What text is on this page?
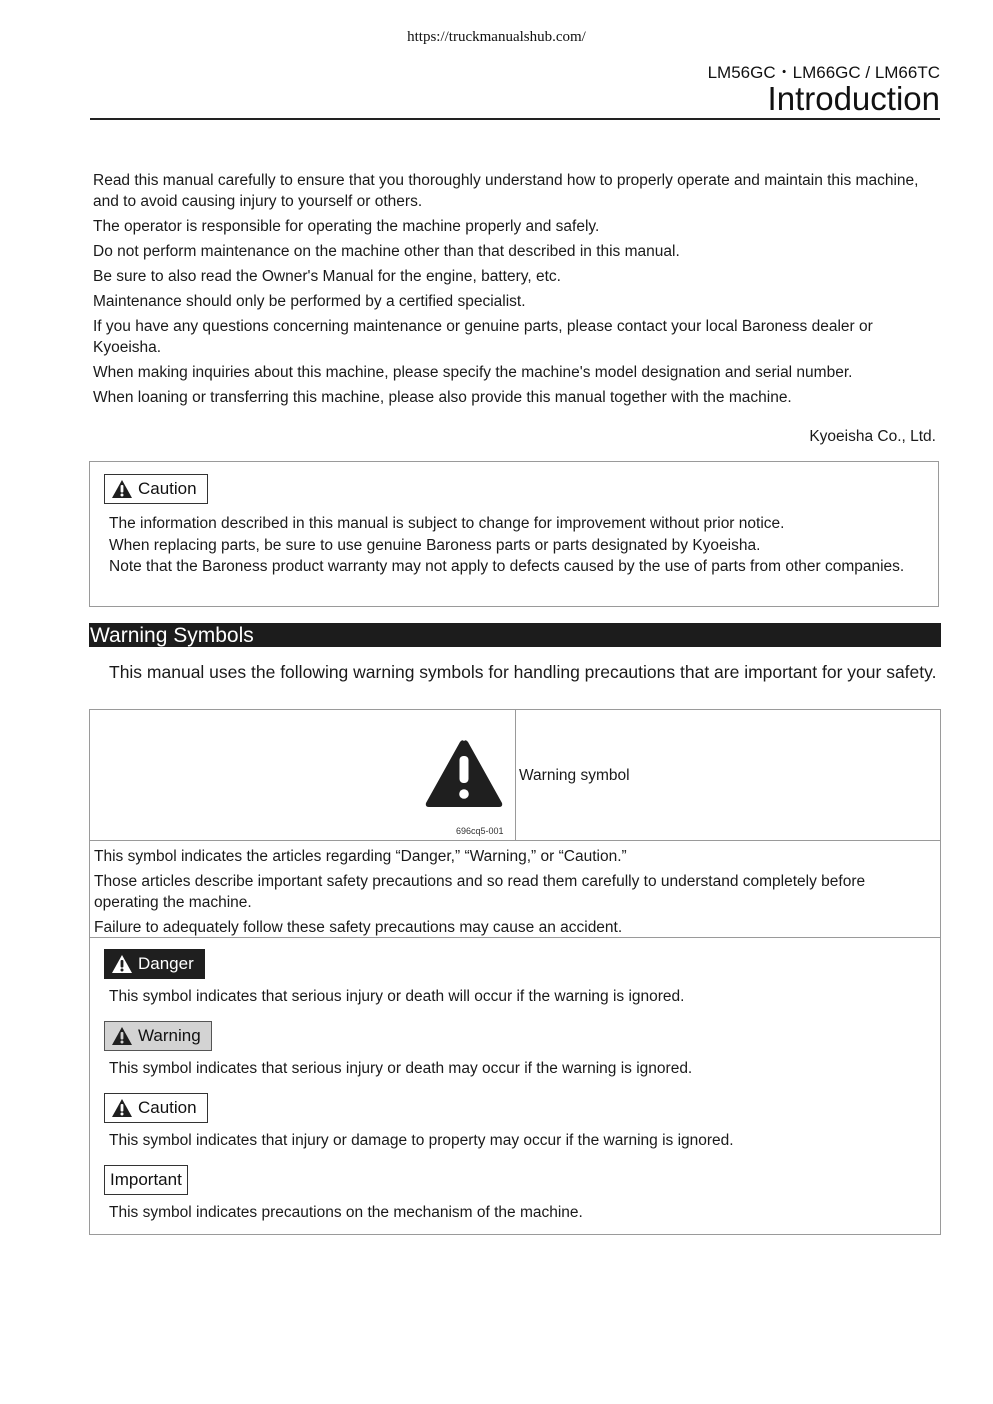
https://truckmanualshub.com/
LM56GC・LM66GC / LM66TC
Introduction

Read this manual carefully to ensure that you thoroughly understand how to properly operate and maintain this machine, and to avoid causing injury to yourself or others.

The operator is responsible for operating the machine properly and safely.

Do not perform maintenance on the machine other than that described in this manual.

Be sure to also read the Owner's Manual for the engine, battery, etc.

Maintenance should only be performed by a certified specialist.

If you have any questions concerning maintenance or genuine parts, please contact your local Baroness dealer or Kyoeisha.

When making inquiries about this machine, please specify the machine's model designation and serial number.

When loaning or transferring this machine, please also provide this manual together with the machine.

Kyoeisha Co., Ltd.
Caution

The information described in this manual is subject to change for improvement without prior notice.

When replacing parts, be sure to use genuine Baroness parts or parts designated by Kyoeisha.

Note that the Baroness product warranty may not apply to defects caused by the use of parts from other companies.

Warning Symbols
This manual uses the following warning symbols for handling precautions that are important for your safety.
696cq5-001
Warning symbol

This symbol indicates the articles regarding “Danger,” “Warning,” or “Caution.”

Those articles describe important safety precautions and so read them carefully to understand completely before operating the machine.

Failure to adequately follow these safety precautions may cause an accident.

Danger
This symbol indicates that serious injury or death will occur if the warning is ignored.
Warning
This symbol indicates that serious injury or death may occur if the warning is ignored.
Caution
This symbol indicates that injury or damage to property may occur if the warning is ignored.
Important
This symbol indicates precautions on the mechanism of the machine.
